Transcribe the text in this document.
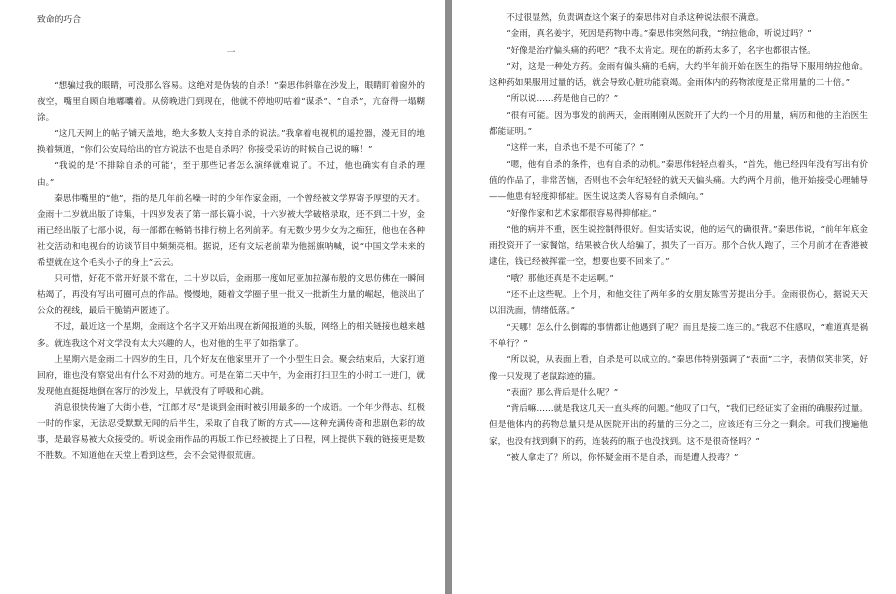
致命的巧合
一

“想骗过我的眼睛，可没那么容易。这绝对是伪装的自杀！”秦思伟斜靠在沙发上，眼睛盯着窗外的夜空，嘴里自顾自地嘟囔着。从傍晚进门到现在，他就不停地叨咕着“谋杀”、“自杀”，亢奋得一塌糊涂。

“这几天网上的帖子铺天盖地，绝大多数人支持自杀的说法。”我拿着电视机的遥控器，漫无目的地换着频道，“你们公安局给出的官方说法不也是自杀吗？你接受采访的时候自己说的嘛！”

“我说的是‘不排除自杀的可能’，至于那些记者怎么演绎就难说了。不过，他也确实有自杀的理由。”

秦思伟嘴里的“他”，指的是几年前名噪一时的少年作家金雨，一个曾经被文学界寄予厚望的天才。金雨十二岁就出版了诗集，十四岁发表了第一部长篇小说，十六岁被大学破格录取，还不到二十岁，金雨已经出版了七部小说，每一部都在畅销书排行榜上名列前茅。有无数少男少女为之痴狂，他也在各种社交活动和电视台的访谈节目中频频亮相。据说，还有文坛老前辈为他摇旗呐喊，说“中国文学未来的希望就在这个毛头小子的身上”云云。

只可惜，好花不常开好景不常在，二十岁以后，金雨那一度如尼亚加拉瀑布般的文思仿佛在一瞬间枯竭了，再没有写出可圈可点的作品。慢慢地，随着文学圈子里一批又一批新生力量的崛起，他淡出了公众的视线，最后干脆销声匿迹了。

不过，最近这一个星期，金雨这个名字又开始出现在新闻报道的头版，网络上的相关链接也越来越多。就连我这个对文学没有太大兴趣的人，也对他的生平了如指掌了。

上星期六是金雨二十四岁的生日，几个好友在他家里开了一个小型生日会。聚会结束后，大家打道回府，谁也没有察觉出有什么不对劲的地方。可是在第二天中午，为金雨打扫卫生的小时工一进门，就发现他直挺挺地倒在客厅的沙发上，早就没有了呼吸和心跳。

消息很快传遍了大街小巷，“江郎才尽”是谈到金雨时被引用最多的一个成语。一个年少得志、红极一时的作家，无法忍受默默无闻的后半生，采取了自我了断的方式——这种充满传奇和悲剧色彩的故事，是最容易被大众接受的。听说金雨作品的再版工作已经被提上了日程，网上提供下载的链接更是数不胜数。不知道他在天堂上看到这些，会不会觉得很荒唐。

不过很显然，负责调查这个案子的秦思伟对自杀这种说法很不满意。

“金雨，真名姜宇，死因是药物中毒。”秦思伟突然问我，“纳拉他命，听说过吗？”

“好像是治疗偏头痛的药吧？”我不太肯定。现在的新药太多了，名字也都很古怪。

“对，这是一种处方药。金雨有偏头痛的毛病，大约半年前开始在医生的指导下服用纳拉他命。这种药如果服用过量的话，就会导致心脏功能衰竭。金雨体内的药物浓度是正常用量的二十倍。”

“所以说……药是他自己的？”

“很有可能。因为事发的前两天，金雨刚刚从医院开了大约一个月的用量，病历和他的主治医生都能证明。”

“这样一来，自杀也不是不可能了？”

“嗯，他有自杀的条件，也有自杀的动机。”秦思伟轻轻点着头，“首先，他已经四年没有写出有价值的作品了，非常苦恼，否则也不会年纪轻轻的就天天偏头痛。大约两个月前，他开始接受心理辅导——他患有轻度抑郁症。医生说这类人容易有自杀倾向。”

“好像作家和艺术家都很容易得抑郁症。”

“他的病并不重，医生说控制得很好。但实话实说，他的运气的确很背。”秦思伟说，“前年年底金雨投资开了一家餐馆，结果被合伙人给骗了，损失了一百万。那个合伙人跑了，三个月前才在香港被逮住，钱已经被挥霍一空，想要也要不回来了。”

“哦？那他还真是不走运啊。”

“还不止这些呢。上个月，和他交往了两年多的女朋友陈雪芳提出分手。金雨很伤心，据说天天以泪洗面，情绪低落。”

“天哪！怎么什么倒霉的事情都让他遇到了呢？而且是接二连三的。”我忍不住感叹，“难道真是祸不单行？”

“所以说，从表面上看，自杀是可以成立的。”秦思伟特别强调了“表面”二字，表情似笑非笑，好像一只发现了老鼠踪迹的猫。

“表面？那么背后是什么呢？”

“背后嘛……就是我这几天一直头疼的问题。”他叹了口气，“我们已经证实了金雨的确服药过量。但是他体内的药物总量只是从医院开出的药量的三分之二，应该还有三分之一剩余。可我们搜遍他家，也没有找到剩下的药，连装药的瓶子也没找到。这不是很奇怪吗？”

“被人拿走了？所以，你怀疑金雨不是自杀，而是遭人投毒？”
